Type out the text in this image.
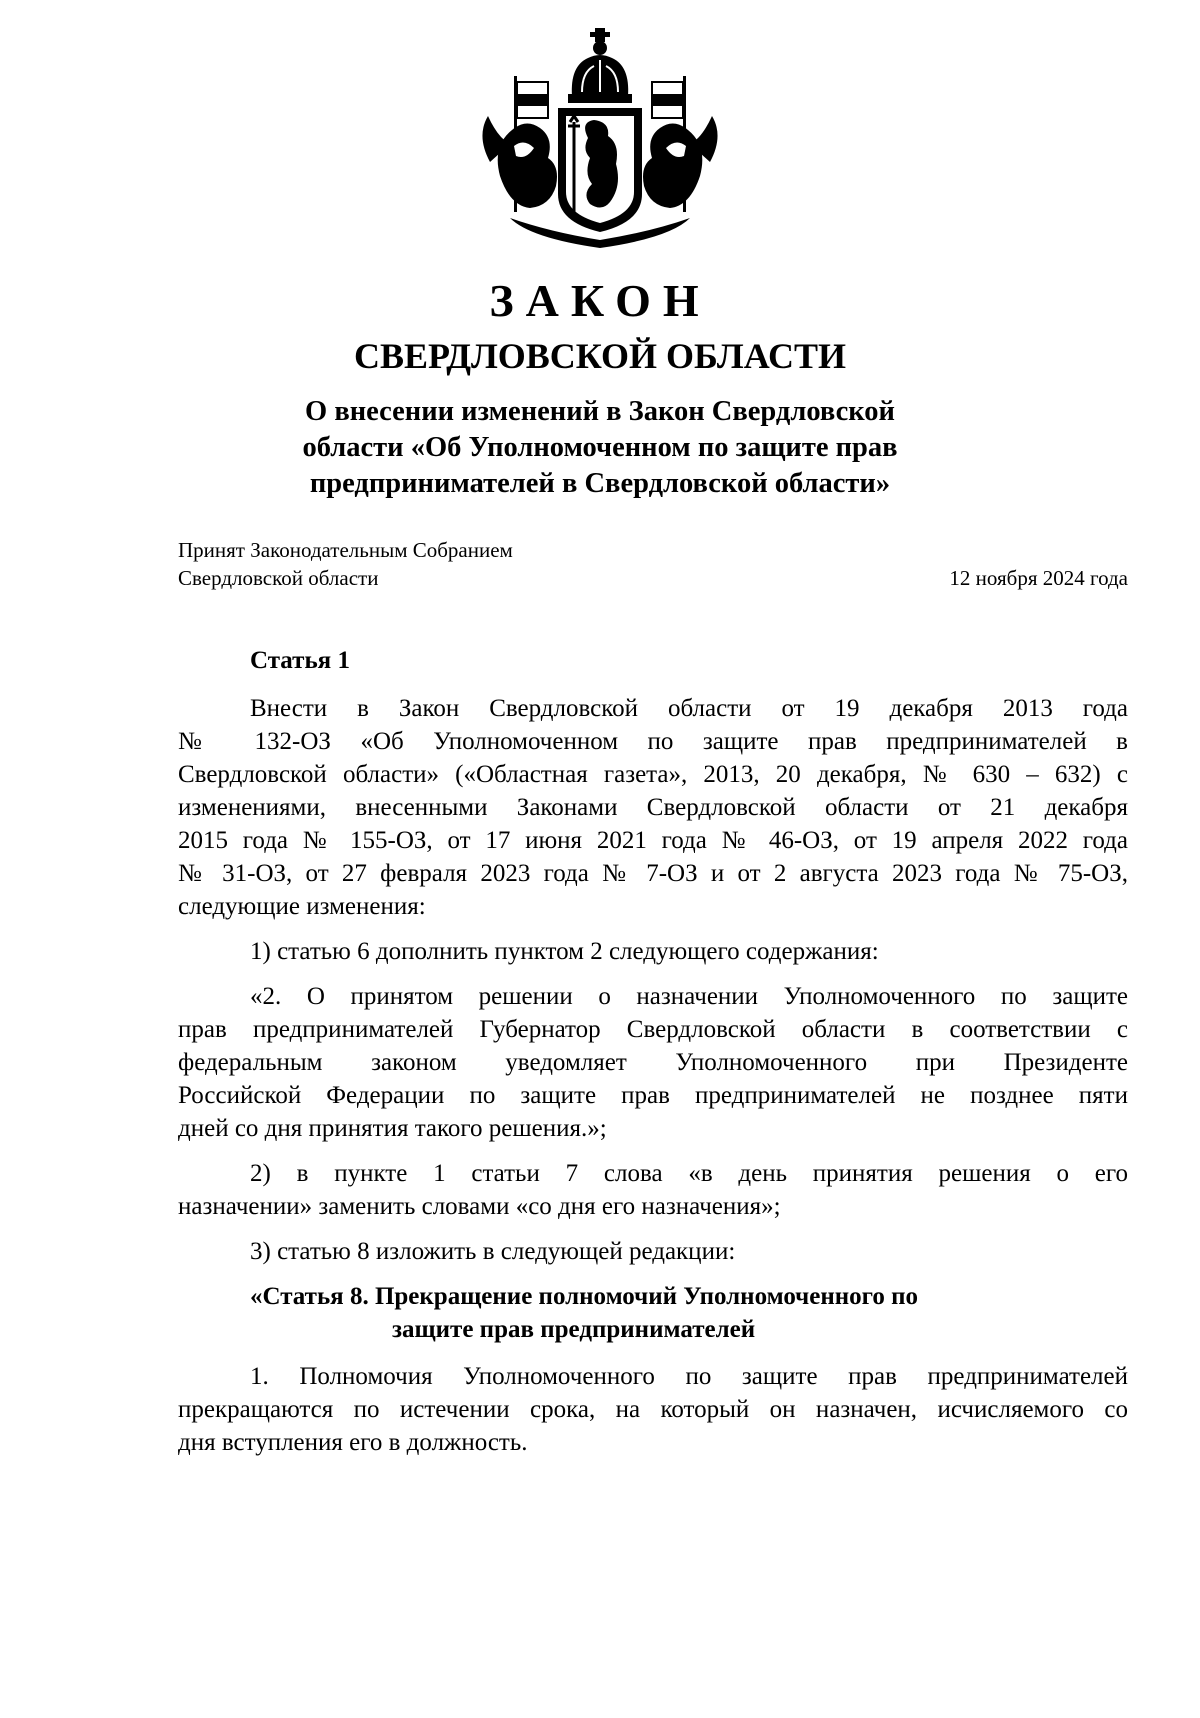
ЗАКОН
СВЕРДЛОВСКОЙ ОБЛАСТИ
О внесении изменений в Закон Свердловской
области «Об Уполномоченном по защите прав
предпринимателей в Свердловской области»
Принят Законодательным Собранием
Свердловской области	12 ноября 2024 года
Статья 1
Внести в Закон Свердловской области от 19 декабря 2013 года
№ 132-ОЗ «Об Уполномоченном по защите прав предпринимателей в
Свердловской области» («Областная газета», 2013, 20 декабря, № 630 – 632) с
изменениями, внесенными Законами Свердловской области от 21 декабря
2015 года № 155-ОЗ, от 17 июня 2021 года № 46-ОЗ, от 19 апреля 2022 года
№ 31-ОЗ, от 27 февраля 2023 года № 7-ОЗ и от 2 августа 2023 года № 75-ОЗ,
следующие изменения:
1) статью 6 дополнить пунктом 2 следующего содержания:
«2. О принятом решении о назначении Уполномоченного по защите
прав предпринимателей Губернатор Свердловской области в соответствии с
федеральным законом уведомляет Уполномоченного при Президенте
Российской Федерации по защите прав предпринимателей не позднее пяти
дней со дня принятия такого решения.»;
2) в пункте 1 статьи 7 слова «в день принятия решения о его
назначении» заменить словами «со дня его назначения»;
3) статью 8 изложить в следующей редакции:
«Статья 8. Прекращение полномочий Уполномоченного по
защите прав предпринимателей
1. Полномочия Уполномоченного по защите прав предпринимателей
прекращаются по истечении срока, на который он назначен, исчисляемого со
дня вступления его в должность.
